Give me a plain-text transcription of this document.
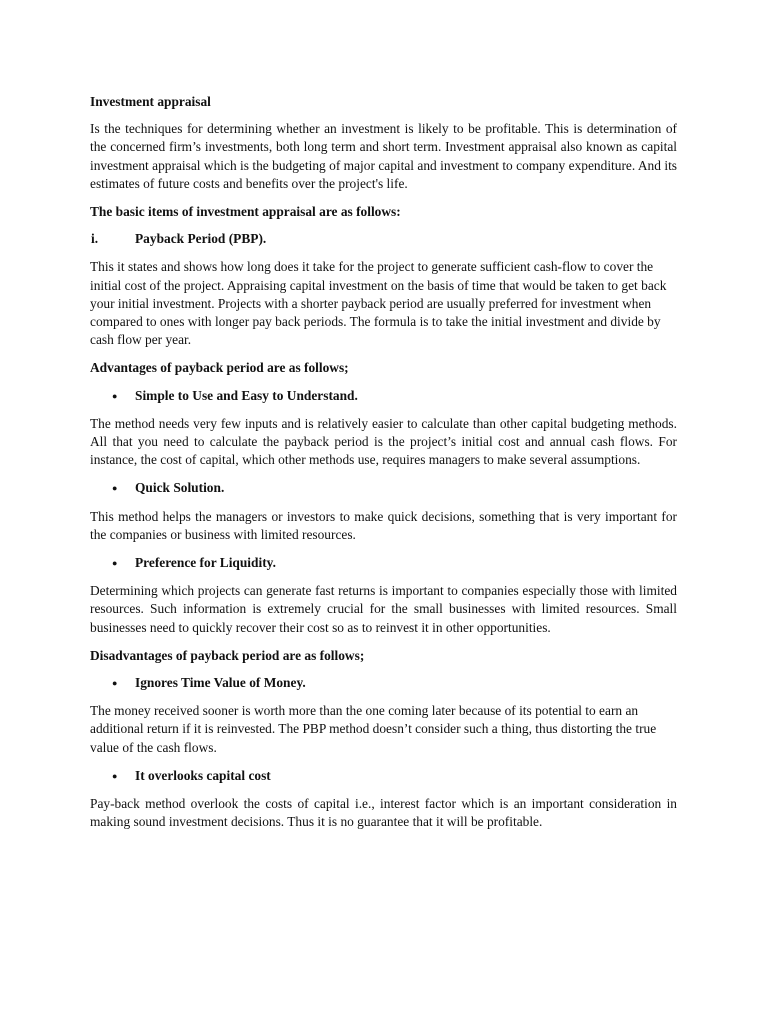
Investment appraisal

Is the techniques for determining whether an investment is likely to be profitable. This is determination of the concerned firm’s investments, both long term and short term. Investment appraisal also known as capital investment appraisal which is the budgeting of major capital and investment to company expenditure. And its estimates of future costs and benefits over the project's life.

The basic items of investment appraisal are as follows:
i.	Payback Period (PBP).

This it states and shows how long does it take for the project to generate sufficient cash-flow to cover the initial cost of the project. Appraising capital investment on the basis of time that would be taken to get back your initial investment. Projects with a shorter payback period are usually preferred for investment when compared to ones with longer pay back periods. The formula is to take the initial investment and divide by cash flow per year.

Advantages of payback period are as follows;
●	Simple to Use and Easy to Understand.

The method needs very few inputs and is relatively easier to calculate than other capital budgeting methods. All that you need to calculate the payback period is the project’s initial cost and annual cash flows. For instance, the cost of capital, which other methods use, requires managers to make several assumptions.

●	Quick Solution.

This method helps the managers or investors to make quick decisions, something that is very important for the companies or business with limited resources.

●	Preference for Liquidity.

Determining which projects can generate fast returns is important to companies especially those with limited resources. Such information is extremely crucial for the small businesses with limited resources. Small businesses need to quickly recover their cost so as to reinvest it in other opportunities.

Disadvantages of payback period are as follows;
●	Ignores Time Value of Money.

The money received sooner is worth more than the one coming later because of its potential to earn an additional return if it is reinvested. The PBP method doesn’t consider such a thing, thus distorting the true value of the cash flows.

●	It overlooks capital cost

Pay-back method overlook the costs of capital i.e., interest factor which is an important consideration in making sound investment decisions. Thus it is no guarantee that it will be profitable.
